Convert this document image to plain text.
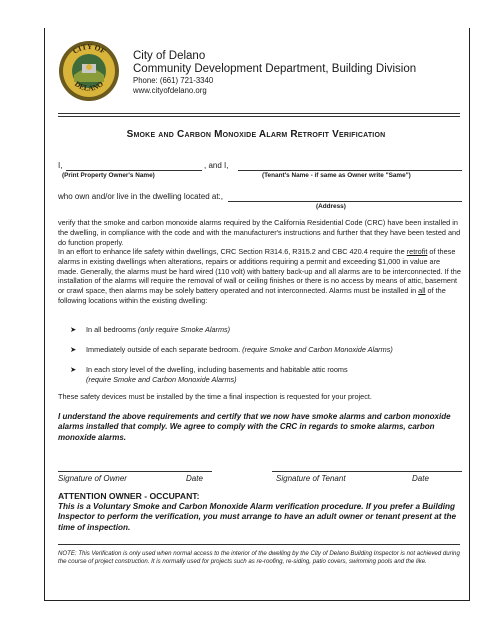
CITY OF
DELANO
City of Delano
Community Development Department, Building Division
Phone: (661) 721-3340
www.cityofdelano.org
Smoke and Carbon Monoxide Alarm Retrofit Verification
I,	, and I,
(Print Property Owner's Name)	(Tenant's Name - if same as Owner write "Same")
who own and/or live in the dwelling located at:,
(Address)
verify that the smoke and carbon monoxide alarms required by the California Residential Code (CRC) have been installed in the dwelling, in compliance with the code and with the manufacturer's instructions and further that they have been tested and do function properly.
In an effort to enhance life safety within dwellings, CRC Section R314.6, R315.2 and CBC 420.4 require the retrofit of these alarms in existing dwellings when alterations, repairs or additions requiring a permit and exceeding $1,000 in value are made. Generally, the alarms must be hard wired (110 volt) with battery back-up and all alarms are to be interconnected. If the installation of the alarms will require the removal of wall or ceiling finishes or there is no access by means of attic, basement or crawl space, then alarms may be solely battery operated and not interconnected. Alarms must be installed in all of the following locations within the existing dwelling:
➤ In all bedrooms (only require Smoke Alarms)
➤ Immediately outside of each separate bedroom. (require Smoke and Carbon Monoxide Alarms)
➤ In each story level of the dwelling, including basements and habitable attic rooms
(require Smoke and Carbon Monoxide Alarms)
These safety devices must be installed by the time a final inspection is requested for your project.
I understand the above requirements and certify that we now have smoke alarms and carbon monoxide alarms installed that comply. We agree to comply with the CRC in regards to smoke alarms, carbon monoxide alarms.
Signature of Owner	Date	Signature of Tenant	Date
ATTENTION OWNER - OCCUPANT:
This is a Voluntary Smoke and Carbon Monoxide Alarm verification procedure. If you prefer a Building Inspector to perform the verification, you must arrange to have an adult owner or tenant present at the time of inspection.
NOTE: This Verification is only used when normal access to the interior of the dwelling by the City of Delano Building Inspector is not achieved during the course of project construction. It is normally used for projects such as re-roofing, re-siding, patio covers, swimming pools and the like.
